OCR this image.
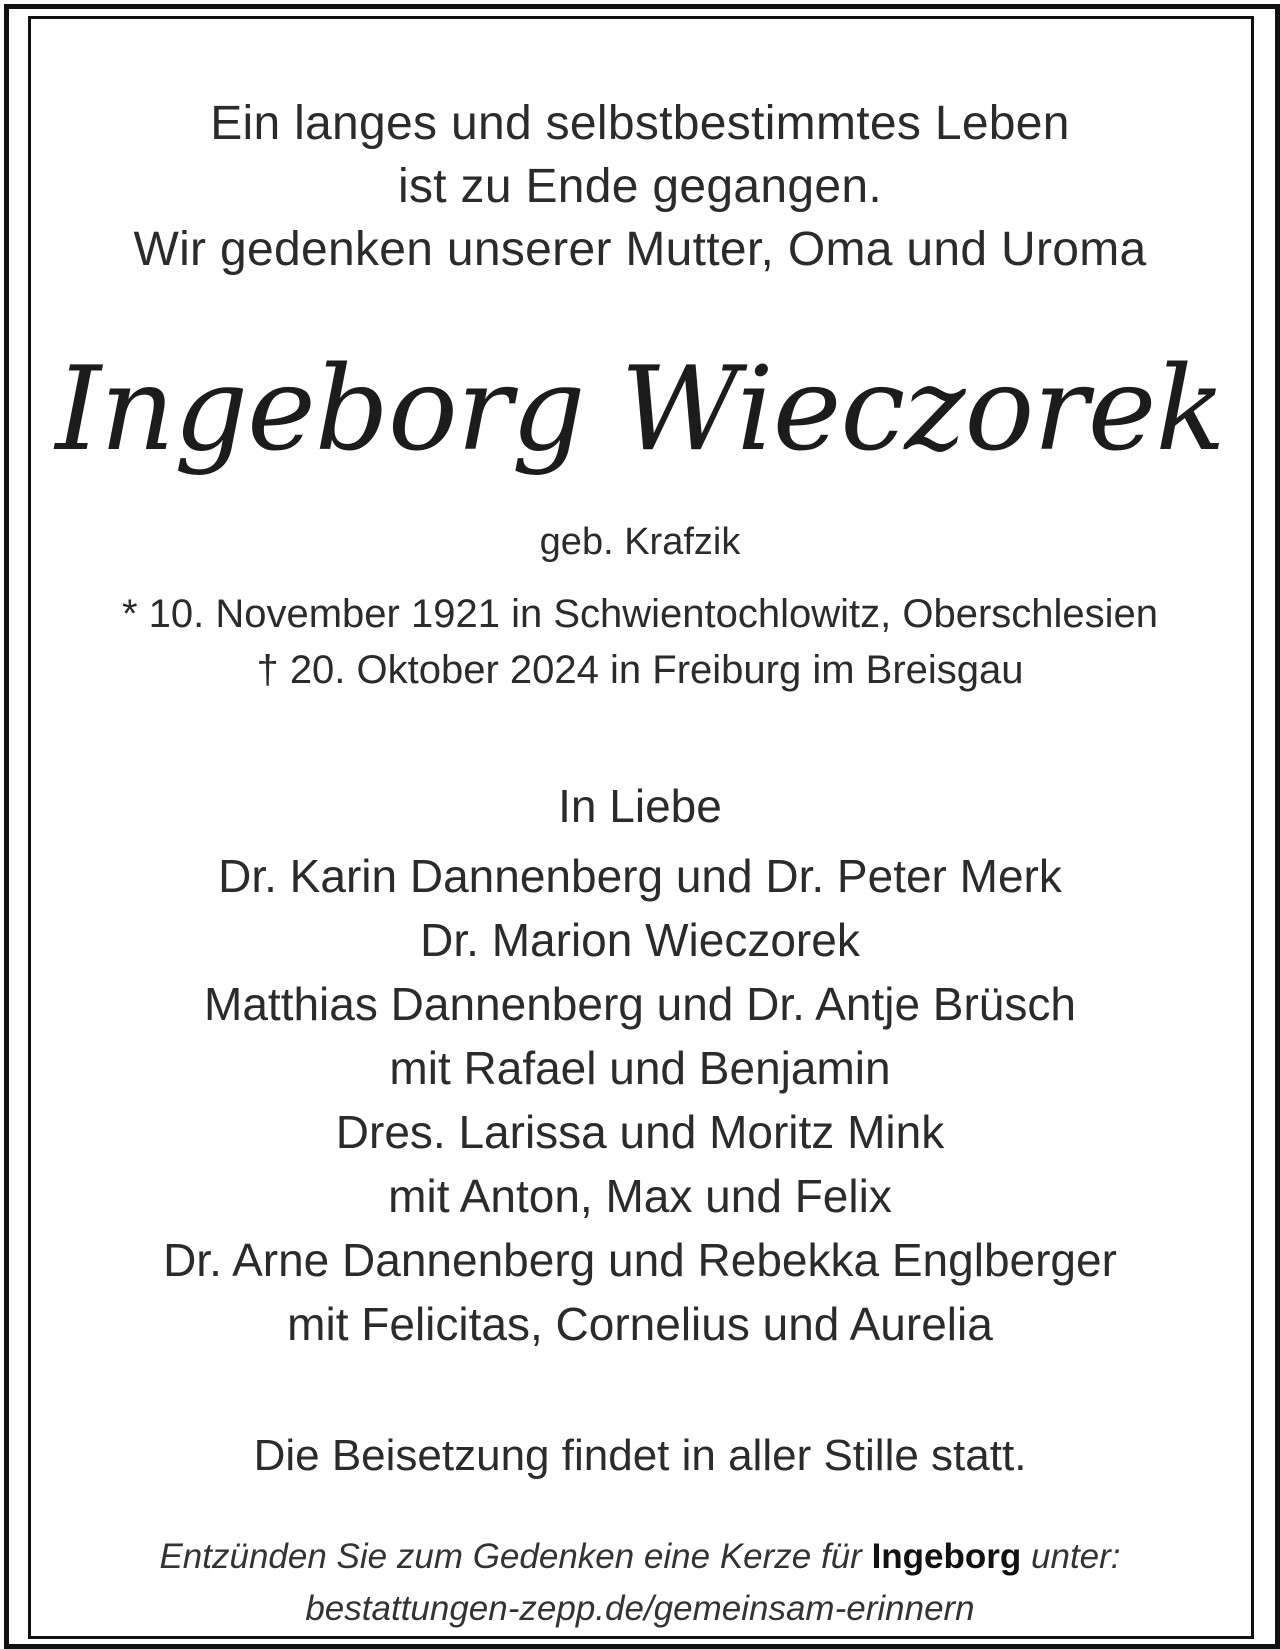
Ein langes und selbstbestimmtes Leben
ist zu Ende gegangen.
Wir gedenken unserer Mutter, Oma und Uroma
Ingeborg Wieczorek
geb. Krafzik
* 10. November 1921 in Schwientochlowitz, Oberschlesien
† 20. Oktober 2024 in Freiburg im Breisgau
In Liebe
Dr. Karin Dannenberg und Dr. Peter Merk
Dr. Marion Wieczorek
Matthias Dannenberg und Dr. Antje Brüsch
mit Rafael und Benjamin
Dres. Larissa und Moritz Mink
mit Anton, Max und Felix
Dr. Arne Dannenberg und Rebekka Englberger
mit Felicitas, Cornelius und Aurelia
Die Beisetzung findet in aller Stille statt.
Entzünden Sie zum Gedenken eine Kerze für Ingeborg unter:
bestattungen-zepp.de/gemeinsam-erinnern
